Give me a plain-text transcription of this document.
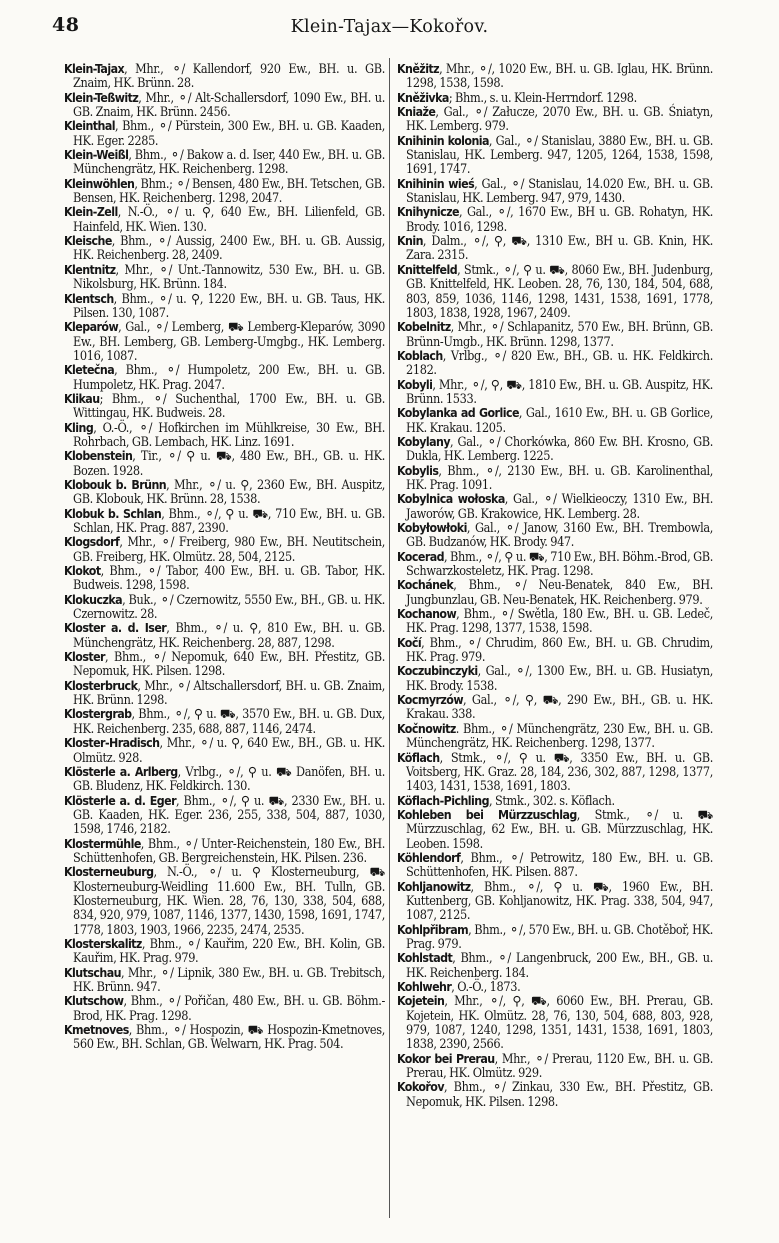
48	Klein-Tajax—Kokořov.

Klein-Tajax, Mhr., ⚬/ Kallendorf, 920 Ew., BH. u. GB. Znaim, HK. Brünn. 28.

Klein-Teßwitz, Mhr., ⚬/ Alt-Schallersdorf, 1090 Ew., BH. u. GB. Znaim, HK. Brünn. 2456.

Kleinthal, Bhm., ⚬/ Pürstein, 300 Ew., BH. u. GB. Kaaden, HK. Eger. 2285.

Klein-Weißl, Bhm., ⚬/ Bakow a. d. Iser, 440 Ew., BH. u. GB. Münchengrätz, HK. Reichenberg. 1298.

Kleinwöhlen, Bhm.; ⚬/ Bensen, 480 Ew., BH. Tetschen, GB. Bensen, HK. Reichenberg. 1298, 2047.

Klein-Zell, N.-Ö., ⚬/ u. ⚲, 640 Ew., BH. Lilienfeld, GB. Hainfeld, HK. Wien. 130.

Kleische, Bhm., ⚬/ Aussig, 2400 Ew., BH. u. GB. Aussig, HK. Reichenberg. 28, 2409.

Klentnitz, Mhr., ⚬/ Unt.-Tannowitz, 530 Ew., BH. u. GB. Nikolsburg, HK. Brünn. 184.

Klentsch, Bhm., ⚬/ u. ⚲, 1220 Ew., BH. u. GB. Taus, HK. Pilsen. 130, 1087.

Kleparów, Gal., ⚬/ Lemberg, ⛟ Lemberg-Kleparów, 3090 Ew., BH. Lemberg, GB. Lemberg-Umgbg., HK. Lemberg. 1016, 1087.

Kletečna, Bhm., ⚬/ Humpoletz, 200 Ew., BH. u. GB. Humpoletz, HK. Prag. 2047.

Klikau; Bhm., ⚬/ Suchenthal, 1700 Ew., BH. u. GB. Wittingau, HK. Budweis. 28.

Kling, O.-Ö., ⚬/ Hofkirchen im Mühlkreise, 30 Ew., BH. Rohrbach, GB. Lembach, HK. Linz. 1691.

Klobenstein, Tir., ⚬/ ⚲ u. ⛟, 480 Ew., BH., GB. u. HK. Bozen. 1928.

Klobouk b. Brünn, Mhr., ⚬/ u. ⚲, 2360 Ew., BH. Auspitz, GB. Klobouk, HK. Brünn. 28, 1538.

Klobuk b. Schlan, Bhm., ⚬/, ⚲ u. ⛟, 710 Ew., BH. u. GB. Schlan, HK. Prag. 887, 2390.

Klogsdorf, Mhr., ⚬/ Freiberg, 980 Ew., BH. Neutitschein, GB. Freiberg, HK. Olmütz. 28, 504, 2125.

Klokot, Bhm., ⚬/ Tabor, 400 Ew., BH. u. GB. Tabor, HK. Budweis. 1298, 1598.

Klokuczka, Buk., ⚬/ Czernowitz, 5550 Ew., BH., GB. u. HK. Czernowitz. 28.

Kloster a. d. Iser, Bhm., ⚬/ u. ⚲, 810 Ew., BH. u. GB. Münchengrätz, HK. Reichenberg. 28, 887, 1298.

Kloster, Bhm., ⚬/ Nepomuk, 640 Ew., BH. Přestitz, GB. Nepomuk, HK. Pilsen. 1298.

Klosterbruck, Mhr., ⚬/ Altschallersdorf, BH. u. GB. Znaim, HK. Brünn. 1298.

Klostergrab, Bhm., ⚬/, ⚲ u. ⛟, 3570 Ew., BH. u. GB. Dux, HK. Reichenberg. 235, 688, 887, 1146, 2474.

Kloster-Hradisch, Mhr., ⚬/ u. ⚲, 640 Ew., BH., GB. u. HK. Olmütz. 928.

Klösterle a. Arlberg, Vrlbg., ⚬/, ⚲ u. ⛟ Danöfen, BH. u. GB. Bludenz, HK. Feldkirch. 130.

Klösterle a. d. Eger, Bhm., ⚬/, ⚲ u. ⛟, 2330 Ew., BH. u. GB. Kaaden, HK. Eger. 236, 255, 338, 504, 887, 1030, 1598, 1746, 2182.

Klostermühle, Bhm., ⚬/ Unter-Reichenstein, 180 Ew., BH. Schüttenhofen, GB. Bergreichenstein, HK. Pilsen. 236.

Klosterneuburg, N.-Ö., ⚬/ u. ⚲ Klosterneuburg, ⛟ Klosterneuburg-Weidling 11.600 Ew., BH. Tulln, GB. Klosterneuburg, HK. Wien. 28, 76, 130, 338, 504, 688, 834, 920, 979, 1087, 1146, 1377, 1430, 1598, 1691, 1747, 1778, 1803, 1903, 1966, 2235, 2474, 2535.

Klosterskalitz, Bhm., ⚬/ Kauřim, 220 Ew., BH. Kolin, GB. Kauřim, HK. Prag. 979.

Klutschau, Mhr., ⚬/ Lipnik, 380 Ew., BH. u. GB. Trebitsch, HK. Brünn. 947.

Klutschow, Bhm., ⚬/ Pořičan, 480 Ew., BH. u. GB. Böhm.-Brod, HK. Prag. 1298.

Kmetnoves, Bhm., ⚬/ Hospozin, ⛟ Hospozin-Kmetnoves, 560 Ew., BH. Schlan, GB. Welwarn, HK. Prag. 504.

Kněžitz, Mhr., ⚬/, 1020 Ew., BH. u. GB. Iglau, HK. Brünn. 1298, 1538, 1598.

Kněživka; Bhm., s. u. Klein-Herrndorf. 1298.

Kniaže, Gal., ⚬/ Załucze, 2070 Ew., BH. u. GB. Śniatyn, HK. Lemberg. 979.

Knihinin kolonia, Gal., ⚬/ Stanislau, 3880 Ew., BH. u. GB. Stanislau, HK. Lemberg. 947, 1205, 1264, 1538, 1598, 1691, 1747.

Knihinin wieś, Gal., ⚬/ Stanislau, 14.020 Ew., BH. u. GB. Stanislau, HK. Lemberg. 947, 979, 1430.

Knihynicze, Gal., ⚬/, 1670 Ew., BH u. GB. Rohatyn, HK. Brody. 1016, 1298.

Knin, Dalm., ⚬/, ⚲, ⛟, 1310 Ew., BH u. GB. Knin, HK. Zara. 2315.

Knittelfeld, Stmk., ⚬/, ⚲ u. ⛟, 8060 Ew., BH. Judenburg, GB. Knittelfeld, HK. Leoben. 28, 76, 130, 184, 504, 688, 803, 859, 1036, 1146, 1298, 1431, 1538, 1691, 1778, 1803, 1838, 1928, 1967, 2409.

Kobelnitz, Mhr., ⚬/ Schlapanitz, 570 Ew., BH. Brünn, GB. Brünn-Umgb., HK. Brünn. 1298, 1377.

Koblach, Vrlbg., ⚬/ 820 Ew., BH., GB. u. HK. Feldkirch. 2182.

Kobyli, Mhr., ⚬/, ⚲, ⛟, 1810 Ew., BH. u. GB. Auspitz, HK. Brünn. 1533.

Kobylanka ad Gorlice, Gal., 1610 Ew., BH. u. GB Gorlice, HK. Krakau. 1205.

Kobylany, Gal., ⚬/ Chorkówka, 860 Ew. BH. Krosno, GB. Dukla, HK. Lemberg. 1225.

Kobylis, Bhm., ⚬/, 2130 Ew., BH. u. GB. Karolinenthal, HK. Prag. 1091.

Kobylnica wołoska, Gal., ⚬/ Wielkieoczy, 1310 Ew., BH. Jaworów, GB. Krakowice, HK. Lemberg. 28.

Kobyłowłoki, Gal., ⚬/ Janow, 3160 Ew., BH. Trembowla, GB. Budzanów, HK. Brody. 947.

Kocerad, Bhm., ⚬/, ⚲ u. ⛟, 710 Ew., BH. Böhm.-Brod, GB. Schwarzkosteletz, HK. Prag. 1298.

Kochánek, Bhm., ⚬/ Neu-Benatek, 840 Ew., BH. Jungbunzlau, GB. Neu-Benatek, HK. Reichenberg. 979.

Kochanow, Bhm., ⚬/ Swětla, 180 Ew., BH. u. GB. Ledeč, HK. Prag. 1298, 1377, 1538, 1598.

Kočí, Bhm., ⚬/ Chrudim, 860 Ew., BH. u. GB. Chrudim, HK. Prag. 979.

Koczubinczyki, Gal., ⚬/, 1300 Ew., BH. u. GB. Husiatyn, HK. Brody. 1538.

Kocmyrzów, Gal., ⚬/, ⚲, ⛟, 290 Ew., BH., GB. u. HK. Krakau. 338.

Kočnowitz. Bhm., ⚬/ Münchengrätz, 230 Ew., BH. u. GB. Münchengrätz, HK. Reichenberg. 1298, 1377.

Köflach, Stmk., ⚬/, ⚲ u. ⛟, 3350 Ew., BH. u. GB. Voitsberg, HK. Graz. 28, 184, 236, 302, 887, 1298, 1377, 1403, 1431, 1538, 1691, 1803.

Köflach-Pichling, Stmk., 302. s. Köflach.

Kohleben bei Mürzzuschlag, Stmk., ⚬/ u. ⛟ Mürzzuschlag, 62 Ew., BH. u. GB. Mürzzuschlag, HK. Leoben. 1598.

Köhlendorf, Bhm., ⚬/ Petrowitz, 180 Ew., BH. u. GB. Schüttenhofen, HK. Pilsen. 887.

Kohljanowitz, Bhm., ⚬/, ⚲ u. ⛟, 1960 Ew., BH. Kuttenberg, GB. Kohljanowitz, HK. Prag. 338, 504, 947, 1087, 2125.

Kohlpřibram, Bhm., ⚬/, 570 Ew., BH. u. GB. Chotěboř, HK. Prag. 979.

Kohlstadt, Bhm., ⚬/ Langenbruck, 200 Ew., BH., GB. u. HK. Reichenberg. 184.

Kohlwehr, O.-Ö., 1873.

Kojetein, Mhr., ⚬/, ⚲, ⛟, 6060 Ew., BH. Prerau, GB. Kojetein, HK. Olmütz. 28, 76, 130, 504, 688, 803, 928, 979, 1087, 1240, 1298, 1351, 1431, 1538, 1691, 1803, 1838, 2390, 2566.

Kokor bei Prerau, Mhr., ⚬/ Prerau, 1120 Ew., BH. u. GB. Prerau, HK. Olmütz. 929.

Kokořov, Bhm., ⚬/ Zinkau, 330 Ew., BH. Přestitz, GB. Nepomuk, HK. Pilsen. 1298.
